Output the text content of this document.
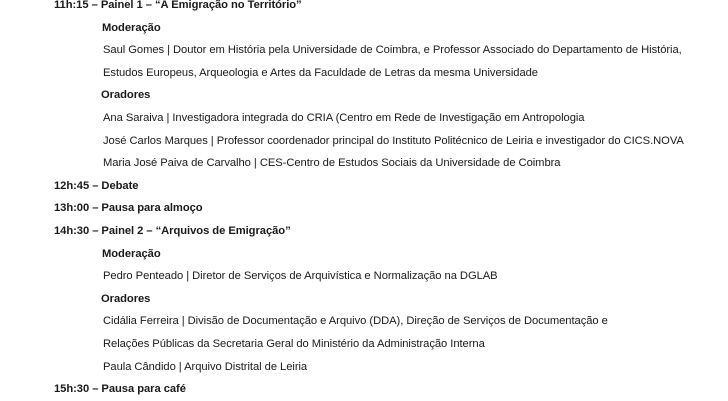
11h:15 – Painel 1 – “A Emigração no Território”
Moderação
Saul Gomes | Doutor em História pela Universidade de Coimbra, e Professor Associado do Departamento de História,
Estudos Europeus, Arqueologia e Artes da Faculdade de Letras da mesma Universidade
Oradores
Ana Saraiva | Investigadora integrada do CRIA (Centro em Rede de Investigação em Antropologia
José Carlos Marques | Professor coordenador principal do Instituto Politécnico de Leiria e investigador do CICS.NOVA
Maria José Paiva de Carvalho | CES-Centro de Estudos Sociais da Universidade de Coimbra
12h:45 – Debate
13h:00 – Pausa para almoço
14h:30 – Painel 2 – “Arquivos de Emigração”
Moderação
Pedro Penteado | Diretor de Serviços de Arquivística e Normalização na DGLAB
Oradores
Cidália Ferreira | Divisão de Documentação e Arquivo (DDA), Direção de Serviços de Documentação e
Relações Públicas da Secretaria Geral do Ministério da Administração Interna
Paula Cândido | Arquivo Distrital de Leiria
15h:30 – Pausa para café
